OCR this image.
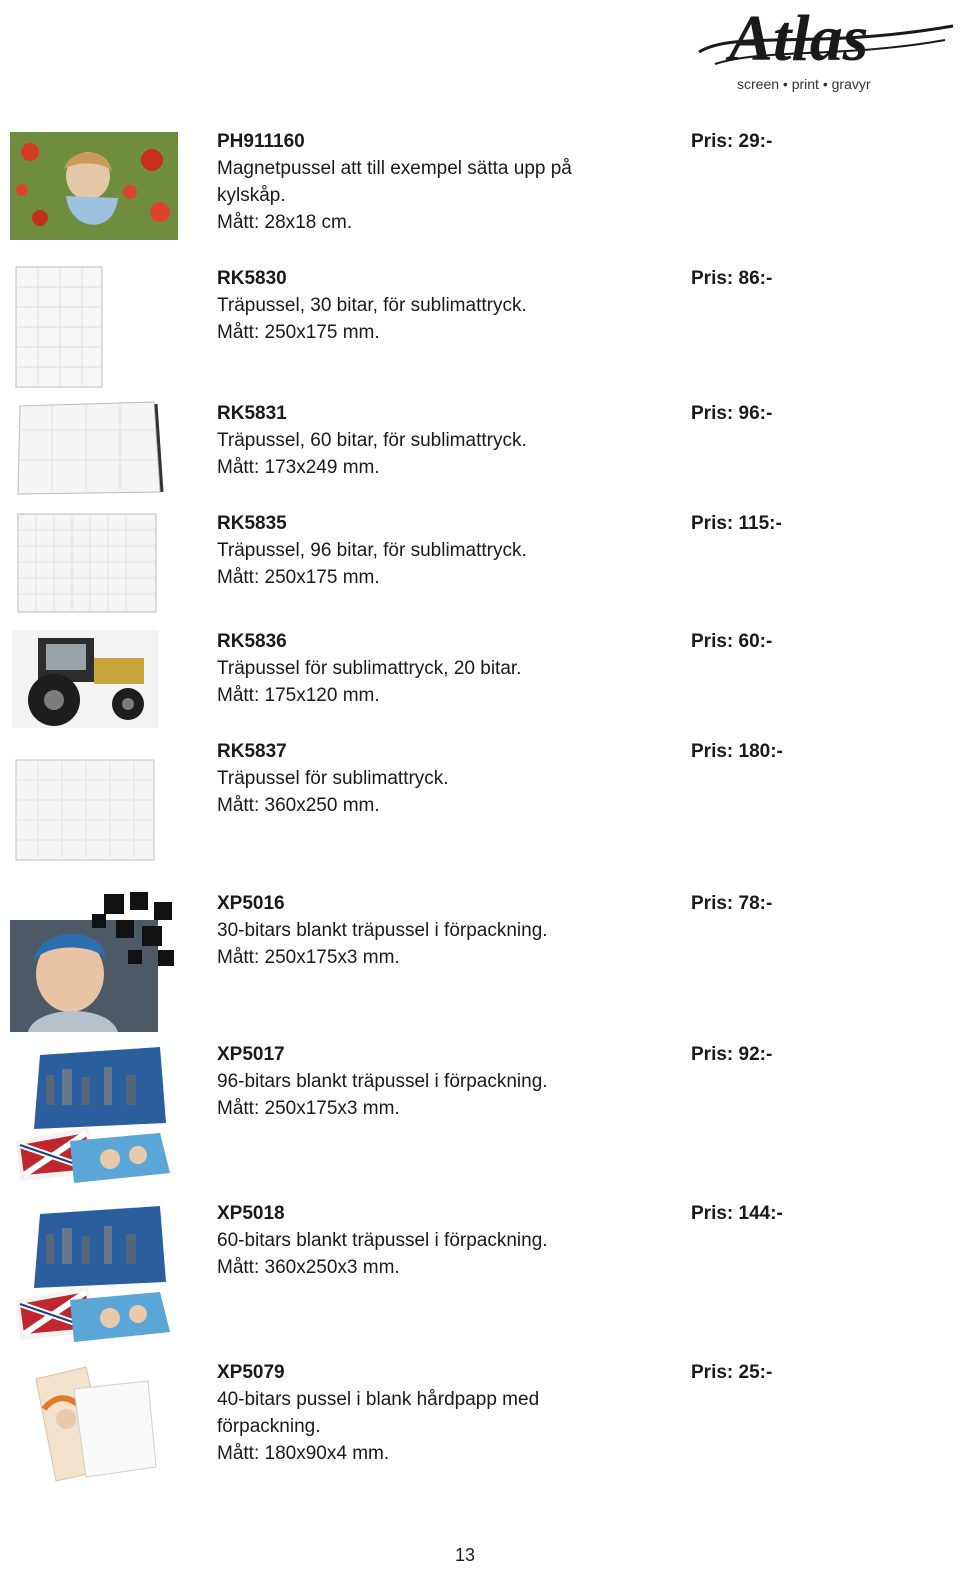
Atlas
screen • print • gravyr
PH911160
Magnetpussel att till exempel sätta upp på kylskåp.
Mått: 28x18 cm.
Pris: 29:-
RK5830
Träpussel, 30 bitar, för sublimattryck.
Mått: 250x175 mm.
Pris: 86:-
RK5831
Träpussel, 60 bitar, för sublimattryck.
Mått: 173x249 mm.
Pris: 96:-
RK5835
Träpussel, 96 bitar, för sublimattryck.
Mått: 250x175 mm.
Pris: 115:-
RK5836
Träpussel för sublimattryck, 20 bitar.
Mått: 175x120 mm.
Pris: 60:-
RK5837
Träpussel för sublimattryck.
Mått: 360x250 mm.
Pris: 180:-
XP5016
30-bitars blankt träpussel i förpackning.
Mått: 250x175x3 mm.
Pris: 78:-
XP5017
96-bitars blankt träpussel i förpackning.
Mått: 250x175x3 mm.
Pris: 92:-
XP5018
60-bitars blankt träpussel i förpackning.
Mått: 360x250x3 mm.
Pris: 144:-
XP5079
40-bitars pussel i blank hårdpapp med förpackning.
Mått: 180x90x4 mm.
Pris: 25:-
13
